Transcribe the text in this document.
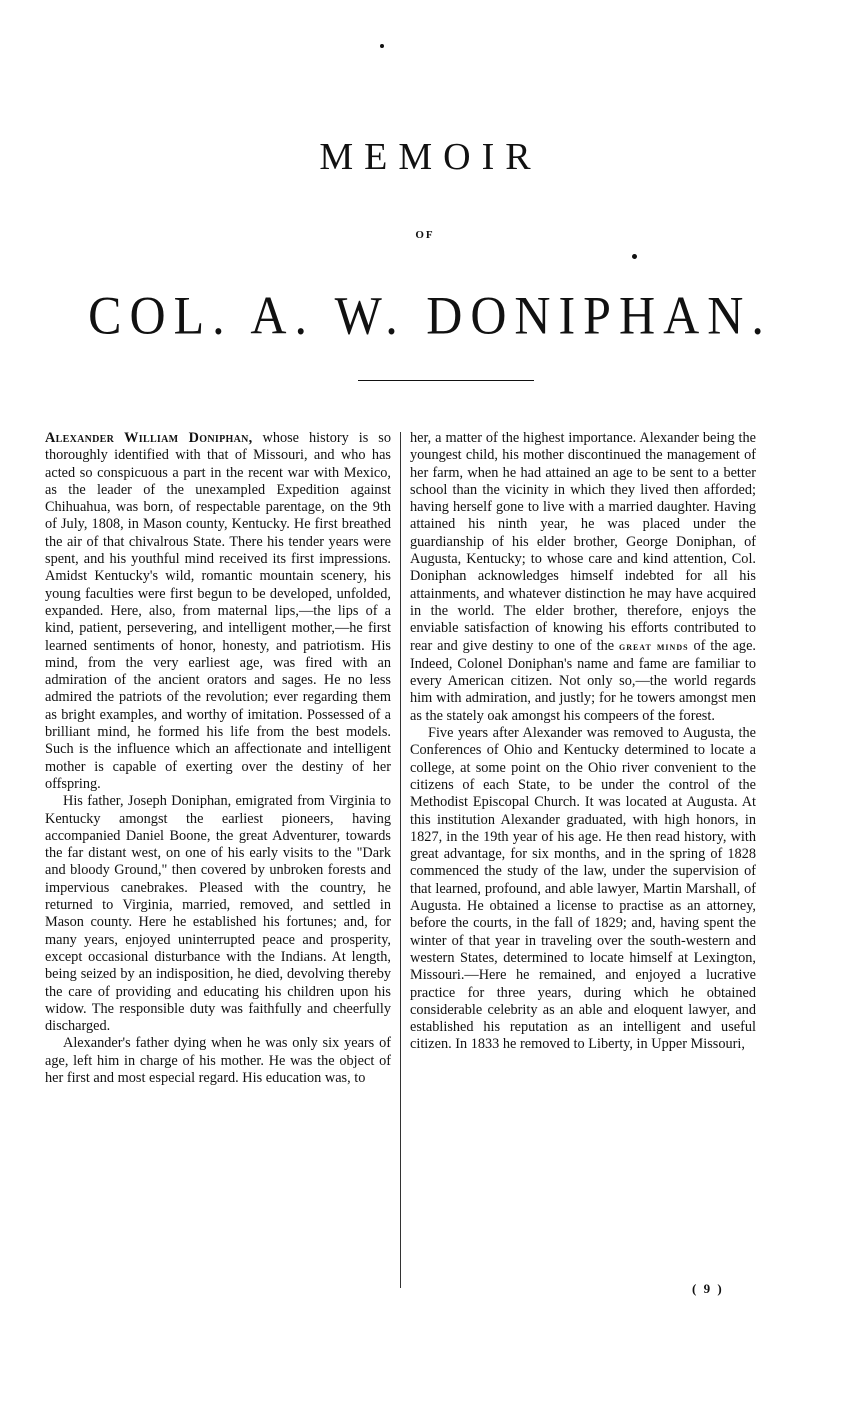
MEMOIR
OF
COL. A. W. DONIPHAN.

Alexander William Doniphan, whose history is so thoroughly identified with that of Missouri, and who has acted so conspicuous a part in the recent war with Mexico, as the leader of the unexampled Expedition against Chihuahua, was born, of respectable parentage, on the 9th of July, 1808, in Mason county, Kentucky. He first breathed the air of that chivalrous State. There his tender years were spent, and his youthful mind received its first impressions. Amidst Kentucky's wild, romantic mountain scenery, his young faculties were first begun to be developed, unfolded, expanded. Here, also, from maternal lips,—the lips of a kind, patient, persevering, and intelligent mother,—he first learned sentiments of honor, honesty, and patriotism. His mind, from the very earliest age, was fired with an admiration of the ancient orators and sages. He no less admired the patriots of the revolution; ever regarding them as bright examples, and worthy of imitation. Possessed of a brilliant mind, he formed his life from the best models. Such is the influence which an affectionate and intelligent mother is capable of exerting over the destiny of her offspring.

His father, Joseph Doniphan, emigrated from Virginia to Kentucky amongst the earliest pioneers, having accompanied Daniel Boone, the great Adventurer, towards the far distant west, on one of his early visits to the "Dark and bloody Ground," then covered by unbroken forests and impervious canebrakes. Pleased with the country, he returned to Virginia, married, removed, and settled in Mason county. Here he established his fortunes; and, for many years, enjoyed uninterrupted peace and prosperity, except occasional disturbance with the Indians. At length, being seized by an indisposition, he died, devolving thereby the care of providing and educating his children upon his widow. The responsible duty was faithfully and cheerfully discharged.

Alexander's father dying when he was only six years of age, left him in charge of his mother. He was the object of her first and most especial regard. His education was, to

her, a matter of the highest importance. Alexander being the youngest child, his mother discontinued the management of her farm, when he had attained an age to be sent to a better school than the vicinity in which they lived then afforded; having herself gone to live with a married daughter. Having attained his ninth year, he was placed under the guardianship of his elder brother, George Doniphan, of Augusta, Kentucky; to whose care and kind attention, Col. Doniphan acknowledges himself indebted for all his attainments, and whatever distinction he may have acquired in the world. The elder brother, therefore, enjoys the enviable satisfaction of knowing his efforts contributed to rear and give destiny to one of the great minds of the age. Indeed, Colonel Doniphan's name and fame are familiar to every American citizen. Not only so,—the world regards him with admiration, and justly; for he towers amongst men as the stately oak amongst his compeers of the forest.

Five years after Alexander was removed to Augusta, the Conferences of Ohio and Kentucky determined to locate a college, at some point on the Ohio river convenient to the citizens of each State, to be under the control of the Methodist Episcopal Church. It was located at Augusta. At this institution Alexander graduated, with high honors, in 1827, in the 19th year of his age. He then read history, with great advantage, for six months, and in the spring of 1828 commenced the study of the law, under the supervision of that learned, profound, and able lawyer, Martin Marshall, of Augusta. He obtained a license to practise as an attorney, before the courts, in the fall of 1829; and, having spent the winter of that year in traveling over the south-western and western States, determined to locate himself at Lexington, Missouri.—Here he remained, and enjoyed a lucrative practice for three years, during which he obtained considerable celebrity as an able and eloquent lawyer, and established his reputation as an intelligent and useful citizen. In 1833 he removed to Liberty, in Upper Missouri,

( 9 )
